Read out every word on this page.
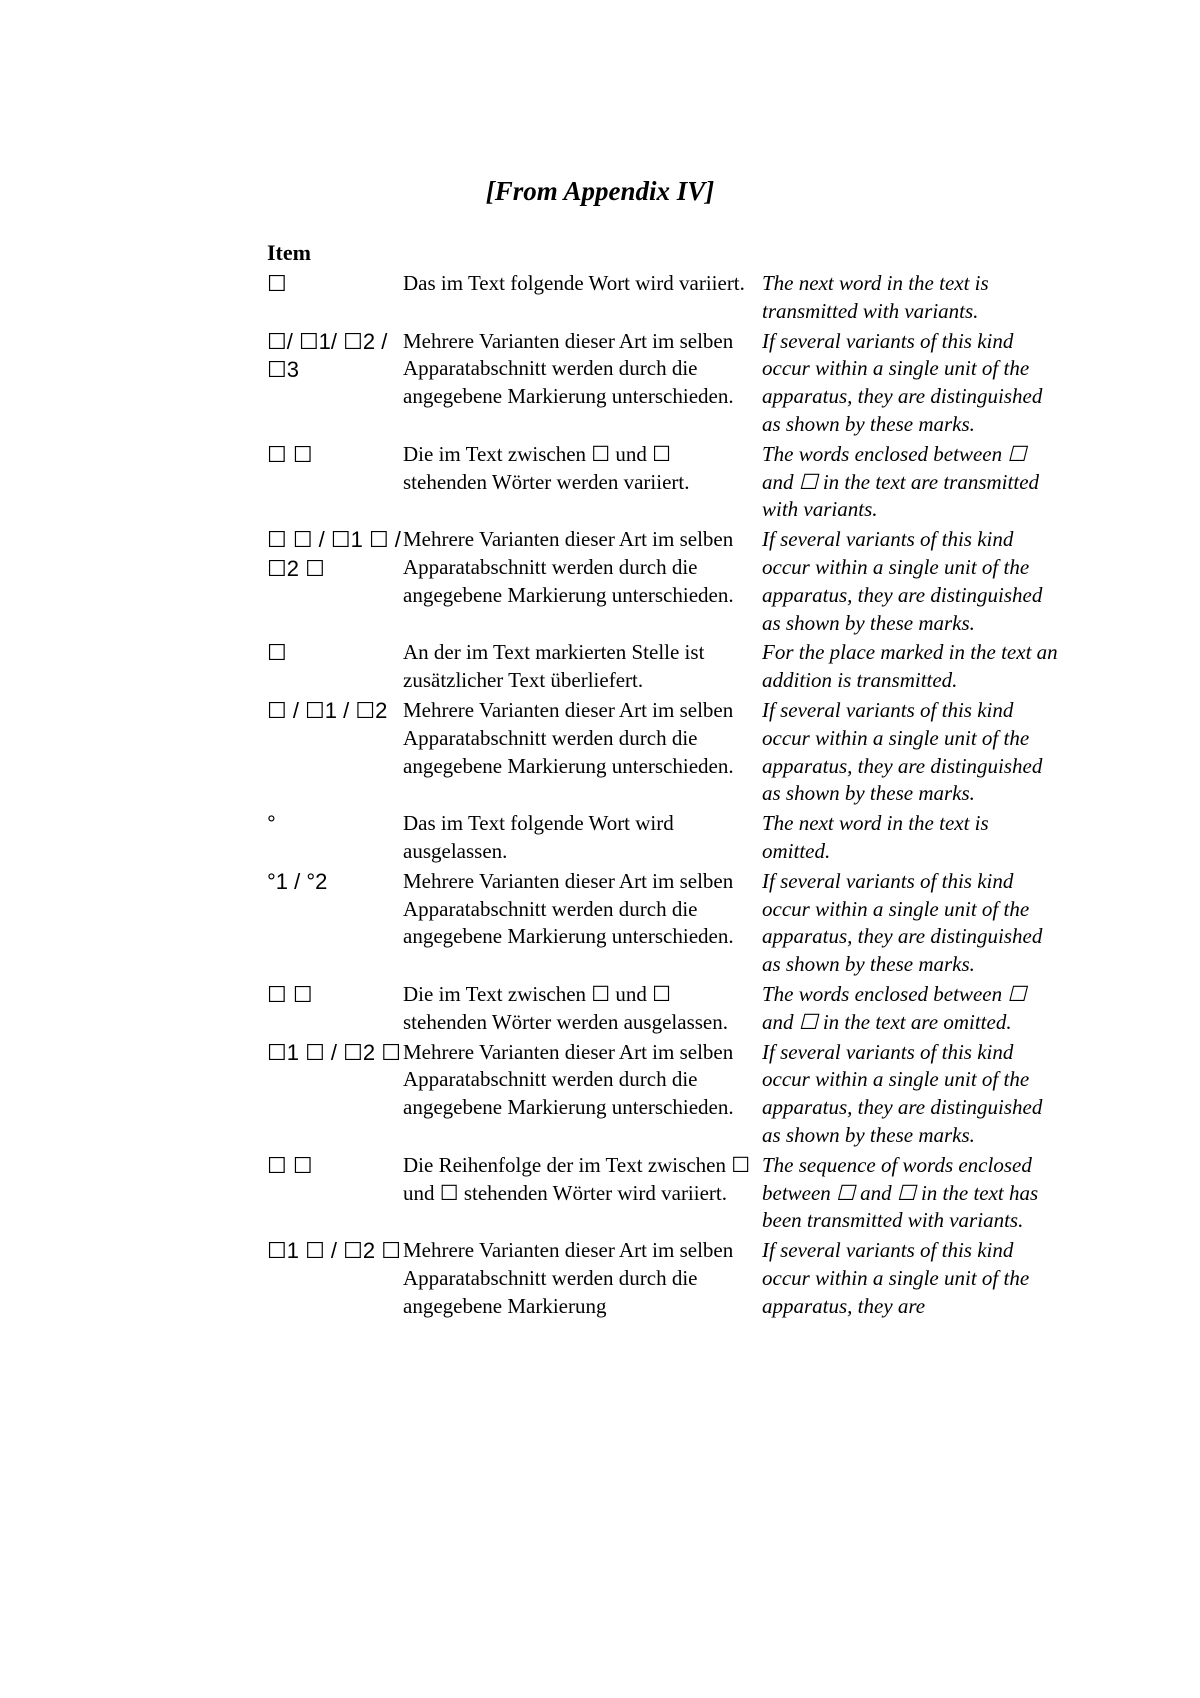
[From Appendix IV]
Item
☐	Das im Text folgende Wort wird variiert.	The next word in the text is transmitted with variants.
☐/ ☐1/ ☐2 / ☐3	Mehrere Varianten dieser Art im selben Apparatabschnitt werden durch die angegebene Markierung unterschieden.	If several variants of this kind occur within a single unit of the apparatus, they are distinguished as shown by these marks.
☐ ☐	Die im Text zwischen ☐ und ☐ stehenden Wörter werden variiert.	The words enclosed between ☐ and ☐ in the text are transmitted with variants.
☐ ☐ / ☐1 ☐ / ☐2 ☐	Mehrere Varianten dieser Art im selben Apparatabschnitt werden durch die angegebene Markierung unterschieden.	If several variants of this kind occur within a single unit of the apparatus, they are distinguished as shown by these marks.
☐	An der im Text markierten Stelle ist zusätzlicher Text überliefert.	For the place marked in the text an addition is transmitted.
☐ / ☐1 / ☐2	Mehrere Varianten dieser Art im selben Apparatabschnitt werden durch die angegebene Markierung unterschieden.	If several variants of this kind occur within a single unit of the apparatus, they are distinguished as shown by these marks.
°	Das im Text folgende Wort wird ausgelassen.	The next word in the text is omitted.
°1 / °2	Mehrere Varianten dieser Art im selben Apparatabschnitt werden durch die angegebene Markierung unterschieden.	If several variants of this kind occur within a single unit of the apparatus, they are distinguished as shown by these marks.
☐ ☐	Die im Text zwischen ☐ und ☐ stehenden Wörter werden ausgelassen.	The words enclosed between ☐ and ☐ in the text are omitted.
☐1 ☐ / ☐2 ☐	Mehrere Varianten dieser Art im selben Apparatabschnitt werden durch die angegebene Markierung unterschieden.	If several variants of this kind occur within a single unit of the apparatus, they are distinguished as shown by these marks.
☐ ☐	Die Reihenfolge der im Text zwischen ☐ und ☐ stehenden Wörter wird variiert.	The sequence of words enclosed between ☐ and ☐ in the text has been transmitted with variants.
☐1 ☐ / ☐2 ☐	Mehrere Varianten dieser Art im selben Apparatabschnitt werden durch die angegebene Markierung	If several variants of this kind occur within a single unit of the apparatus, they are
